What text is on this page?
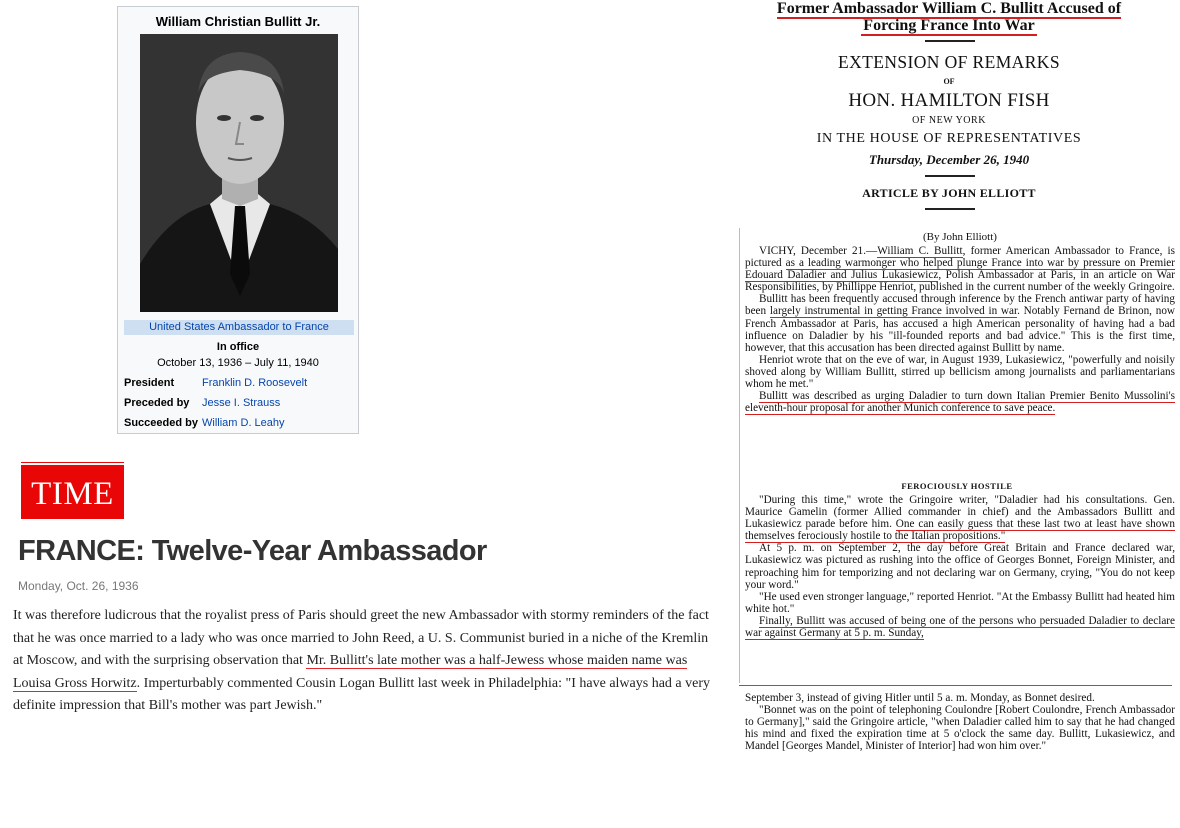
William Christian Bullitt Jr.
United States Ambassador to France
In office
October 13, 1936 – July 11, 1940
President	Franklin D. Roosevelt
Preceded by Jesse I. Strauss
Succeeded by William D. Leahy
TIME
FRANCE: Twelve-Year Ambassador
Monday, Oct. 26, 1936
It was therefore ludicrous that the royalist press of Paris should greet the new Ambassador with stormy reminders of the fact that he was once married to a lady who was once married to John Reed, a U. S. Communist buried in a niche of the Kremlin at Moscow, and with the surprising observation that Mr. Bullitt's late mother was a half-Jewess whose maiden name was Louisa Gross Horwitz. Imperturbably commented Cousin Logan Bullitt last week in Philadelphia: "I have always had a very definite impression that Bill's mother was part Jewish."
Former Ambassador William C. Bullitt Accused of
Forcing France Into War
EXTENSION OF REMARKS
OF
HON. HAMILTON FISH
OF NEW YORK
IN THE HOUSE OF REPRESENTATIVES
Thursday, December 26, 1940
ARTICLE BY JOHN ELLIOTT
(By John Elliott)

VICHY, December 21.—William C. Bullitt, former American Ambassador to France, is pictured as a leading warmonger who helped plunge France into war by pressure on Premier Edouard Daladier and Julius Lukasiewicz, Polish Ambassador at Paris, in an article on War Responsibilities, by Phillippe Henriot, published in the current number of the weekly Gringoire.

Bullitt has been frequently accused through inference by the French antiwar party of having been largely instrumental in getting France involved in war. Notably Fernand de Brinon, now French Ambassador at Paris, has accused a high American personality of having had a bad influence on Daladier by his "ill-founded reports and bad advice." This is the first time, however, that this accusation has been directed against Bullitt by name.

Henriot wrote that on the eve of war, in August 1939, Lukasiewicz, "powerfully and noisily shoved along by William Bullitt, stirred up bellicism among journalists and parliamentarians whom he met."

Bullitt was described as urging Daladier to turn down Italian Premier Benito Mussolini's eleventh-hour proposal for another Munich conference to save peace.

FEROCIOUSLY HOSTILE

"During this time," wrote the Gringoire writer, "Daladier had his consultations. Gen. Maurice Gamelin (former Allied commander in chief) and the Ambassadors Bullitt and Lukasiewicz parade before him. One can easily guess that these last two at least have shown themselves ferociously hostile to the Italian propositions."

At 5 p. m. on September 2, the day before Great Britain and France declared war, Lukasiewicz was pictured as rushing into the office of Georges Bonnet, Foreign Minister, and reproaching him for temporizing and not declaring war on Germany, crying, "You do not keep your word."

"He used even stronger language," reported Henriot. "At the Embassy Bullitt had heated him white hot."

Finally, Bullitt was accused of being one of the persons who persuaded Daladier to declare war against Germany at 5 p. m. Sunday,

September 3, instead of giving Hitler until 5 a. m. Monday, as Bonnet desired.

"Bonnet was on the point of telephoning Coulondre [Robert Coulondre, French Ambassador to Germany]," said the Gringoire article, "when Daladier called him to say that he had changed his mind and fixed the expiration time at 5 o'clock the same day. Bullitt, Lukasiewicz, and Mandel [Georges Mandel, Minister of Interior] had won him over."
